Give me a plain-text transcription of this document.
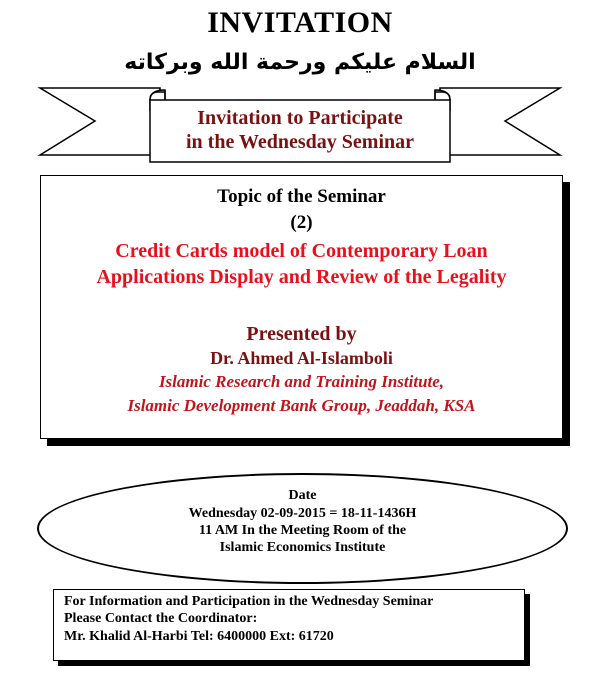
INVITATION
السلام عليكم ورحمة الله وبركاته
Invitation to Participate
in the Wednesday Seminar
Topic of the Seminar
(2)
Credit Cards model of Contemporary Loan
Applications Display and Review of the Legality
Presented by
Dr. Ahmed Al-Islamboli
Islamic Research and Training Institute,
Islamic Development Bank Group, Jeaddah, KSA
Date
Wednesday 02-09-2015 = 18-11-1436H
11 AM In the Meeting Room of the
Islamic Economics Institute
For Information and Participation in the Wednesday Seminar
Please Contact the Coordinator:
Mr. Khalid Al-Harbi Tel: 6400000 Ext: 61720
